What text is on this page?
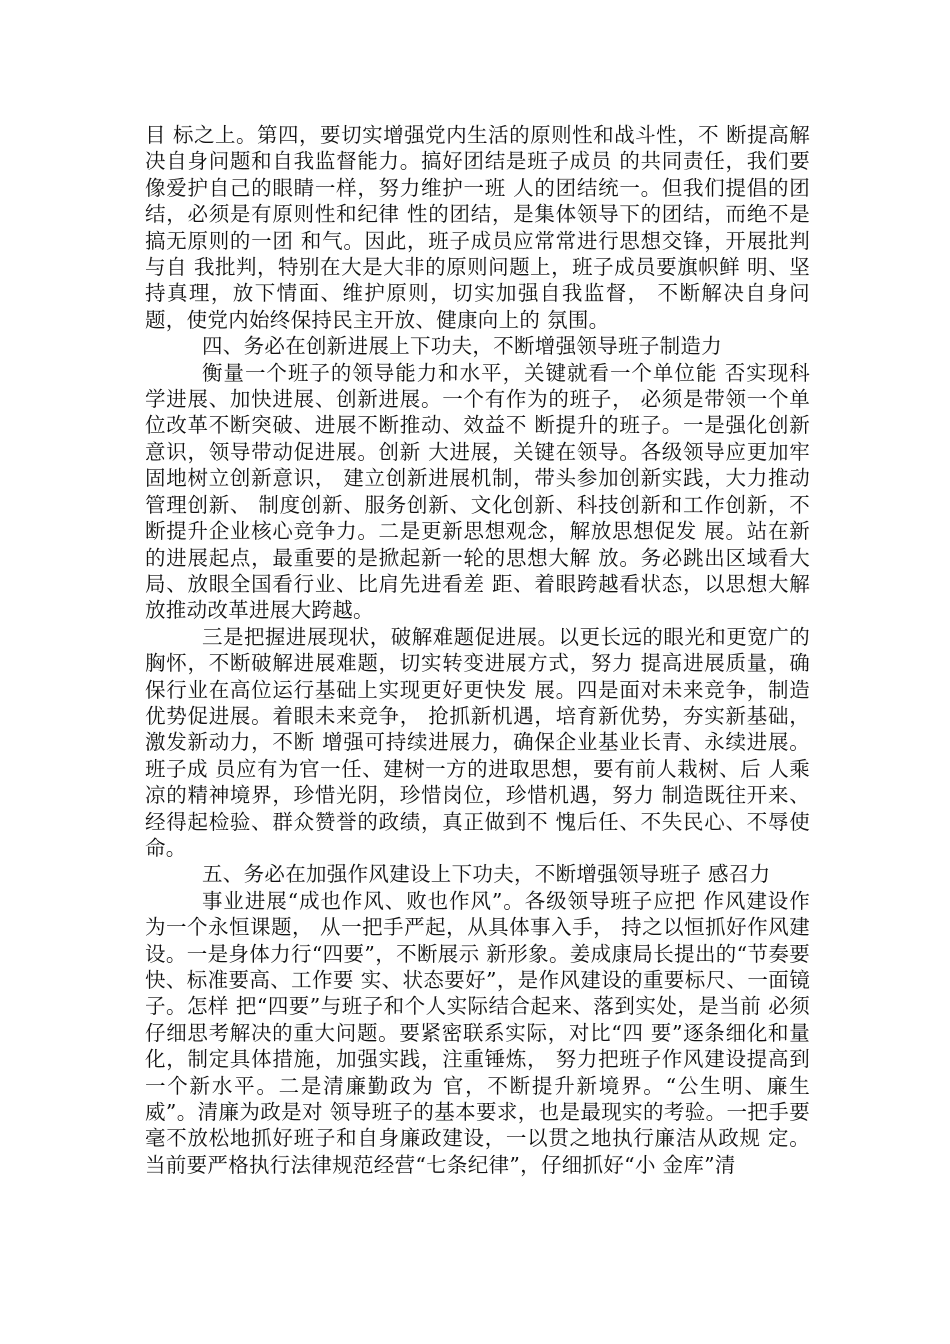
目 标之上。第四，要切实增强党内生活的原则性和战斗性，不 断提高解决自身问题和自我监督能力。搞好团结是班子成员 的共同责任，我们要像爱护自己的眼睛一样，努力维护一班 人的团结统一。但我们提倡的团结，必须是有原则性和纪律 性的团结，是集体领导下的团结，而绝不是搞无原则的一团 和气。因此，班子成员应常常进行思想交锋，开展批判与自 我批判，特别在大是大非的原则问题上，班子成员要旗帜鲜 明、坚持真理，放下情面、维护原则，切实加强自我监督， 不断解决自身问题，使党内始终保持民主开放、健康向上的 氛围。

四、务必在创新进展上下功夫，不断增强领导班子制造力

衡量一个班子的领导能力和水平，关键就看一个单位能 否实现科学进展、加快进展、创新进展。一个有作为的班子， 必须是带领一个单位改革不断突破、进展不断推动、效益不 断提升的班子。一是强化创新意识，领导带动促进展。创新 大进展，关键在领导。各级领导应更加牢固地树立创新意识， 建立创新进展机制，带头参加创新实践，大力推动管理创新、 制度创新、服务创新、文化创新、科技创新和工作创新，不 断提升企业核心竞争力。二是更新思想观念，解放思想促发 展。站在新的进展起点，最重要的是掀起新一轮的思想大解 放。务必跳出区域看大局、放眼全国看行业、比肩先进看差 距、着眼跨越看状态，以思想大解放推动改革进展大跨越。

三是把握进展现状，破解难题促进展。以更长远的眼光和更宽广的胸怀，不断破解进展难题，切实转变进展方式，努力 提高进展质量，确保行业在高位运行基础上实现更好更快发 展。四是面对未来竞争，制造优势促进展。着眼未来竞争， 抢抓新机遇，培育新优势，夯实新基础，激发新动力，不断 增强可持续进展力，确保企业基业长青、永续进展。班子成 员应有为官一任、建树一方的进取思想，要有前人栽树、后 人乘凉的精神境界，珍惜光阴，珍惜岗位，珍惜机遇，努力 制造既往开来、经得起检验、群众赞誉的政绩，真正做到不 愧后任、不失民心、不辱使命。

五、务必在加强作风建设上下功夫，不断增强领导班子 感召力

事业进展“成也作风、败也作风”。各级领导班子应把 作风建设作为一个永恒课题， 从一把手严起，从具体事入手， 持之以恒抓好作风建设。一是身体力行“四要”，不断展示 新形象。姜成康局长提出的“节奏要快、标准要高、工作要 实、状态要好”，是作风建设的重要标尺、一面镜子。怎样 把“四要”与班子和个人实际结合起来、落到实处，是当前 必须仔细思考解决的重大问题。要紧密联系实际，对比“四 要”逐条细化和量化，制定具体措施，加强实践，注重锤炼， 努力把班子作风建设提高到一个新水平。二是清廉勤政为 官，不断提升新境界。“公生明、廉生威”。清廉为政是对 领导班子的基本要求，也是最现实的考验。一把手要毫不放松地抓好班子和自身廉政建设，一以贯之地执行廉洁从政规 定。当前要严格执行法律规范经营“七条纪律”，仔细抓好“小 金库”清
